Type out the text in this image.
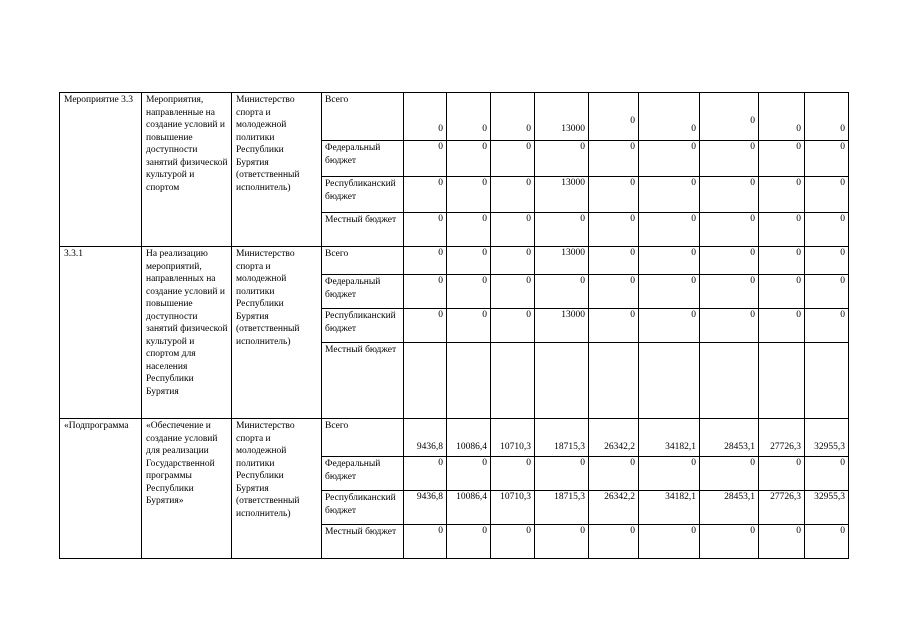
Мероприятие 3.3	Мероприятия, направленные на создание условий и повышение доступности занятий физической культурой и спортом	Министерство спорта и молодежной политики Республики Бурятия (ответственный исполнитель)	Всего	0	0	0	13000	0	0	0	0	0
			Федеральный бюджет	0	0	0	0	0	0	0	0	0
			Республиканский бюджет	0	0	0	13000	0	0	0	0	0
			Местный бюджет	0	0	0	0	0	0	0	0	0
3.3.1	На реализацию мероприятий, направленных на создание условий и повышение доступности занятий физической культурой и спортом для населения Республики Бурятия	Министерство спорта и молодежной политики Республики Бурятия (ответственный исполнитель)	Всего	0	0	0	13000	0	0	0	0	0
			Федеральный бюджет	0	0	0	0	0	0	0	0	0
			Республиканский бюджет	0	0	0	13000	0	0	0	0	0
			Местный бюджет									
«Подпрограмма	«Обеспечение и создание условий для реализации Государственной программы Республики Бурятия»	Министерство спорта и молодежной политики Республики Бурятия (ответственный исполнитель)	Всего	9436,8	10086,4	10710,3	18715,3	26342,2	34182,1	28453,1	27726,3	32955,3
			Федеральный бюджет	0	0	0	0	0	0	0	0	0
			Республиканский бюджет	9436,8	10086,4	10710,3	18715,3	26342,2	34182,1	28453,1	27726,3	32955,3
			Местный бюджет	0	0	0	0	0	0	0	0	0
